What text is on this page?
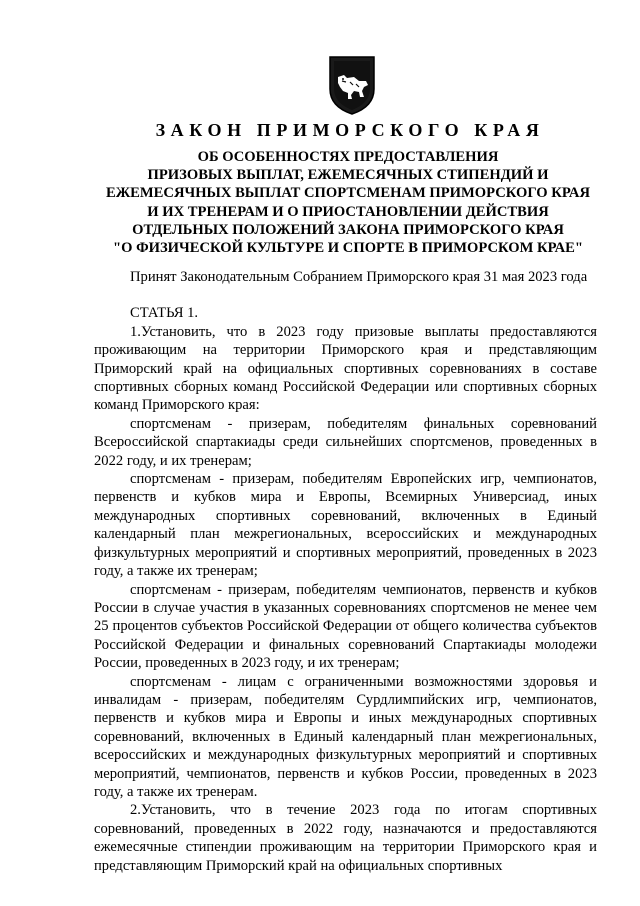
ЗАКОН ПРИМОРСКОГО КРАЯ
ОБ ОСОБЕННОСТЯХ ПРЕДОСТАВЛЕНИЯ
ПРИЗОВЫХ ВЫПЛАТ, ЕЖЕМЕСЯЧНЫХ СТИПЕНДИЙ И
ЕЖЕМЕСЯЧНЫХ ВЫПЛАТ СПОРТСМЕНАМ ПРИМОРСКОГО КРАЯ
И ИХ ТРЕНЕРАМ И О ПРИОСТАНОВЛЕНИИ ДЕЙСТВИЯ
ОТДЕЛЬНЫХ ПОЛОЖЕНИЙ ЗАКОНА ПРИМОРСКОГО КРАЯ
"О ФИЗИЧЕСКОЙ КУЛЬТУРЕ И СПОРТЕ В ПРИМОРСКОМ КРАЕ"

Принят Законодательным Собранием Приморского края 31 мая 2023 года

СТАТЬЯ 1.

1.Установить, что в 2023 году призовые выплаты предоставляются проживающим на территории Приморского края и представляющим Приморский край на официальных спортивных соревнованиях в составе спортивных сборных команд Российской Федерации или спортивных сборных команд Приморского края:

спортсменам - призерам, победителям финальных соревнований Всероссийской спартакиады среди сильнейших спортсменов, проведенных в 2022 году, и их тренерам;

спортсменам - призерам, победителям Европейских игр, чемпионатов, первенств и кубков мира и Европы, Всемирных Универсиад, иных международных спортивных соревнований, включенных в Единый календарный план межрегиональных, всероссийских и международных физкультурных мероприятий и спортивных мероприятий, проведенных в 2023 году, а также их тренерам;

спортсменам - призерам, победителям чемпионатов, первенств и кубков России в случае участия в указанных соревнованиях спортсменов не менее чем 25 процентов субъектов Российской Федерации от общего количества субъектов Российской Федерации и финальных соревнований Спартакиады молодежи России, проведенных в 2023 году, и их тренерам;

спортсменам - лицам с ограниченными возможностями здоровья и инвалидам - призерам, победителям Сурдлимпийских игр, чемпионатов, первенств и кубков мира и Европы и иных международных спортивных соревнований, включенных в Единый календарный план межрегиональных, всероссийских и международных физкультурных мероприятий и спортивных мероприятий, чемпионатов, первенств и кубков России, проведенных в 2023 году, а также их тренерам.

2.Установить, что в течение 2023 года по итогам спортивных соревнований, проведенных в 2022 году, назначаются и предоставляются ежемесячные стипендии проживающим на территории Приморского края и представляющим Приморский край на официальных спортивных
